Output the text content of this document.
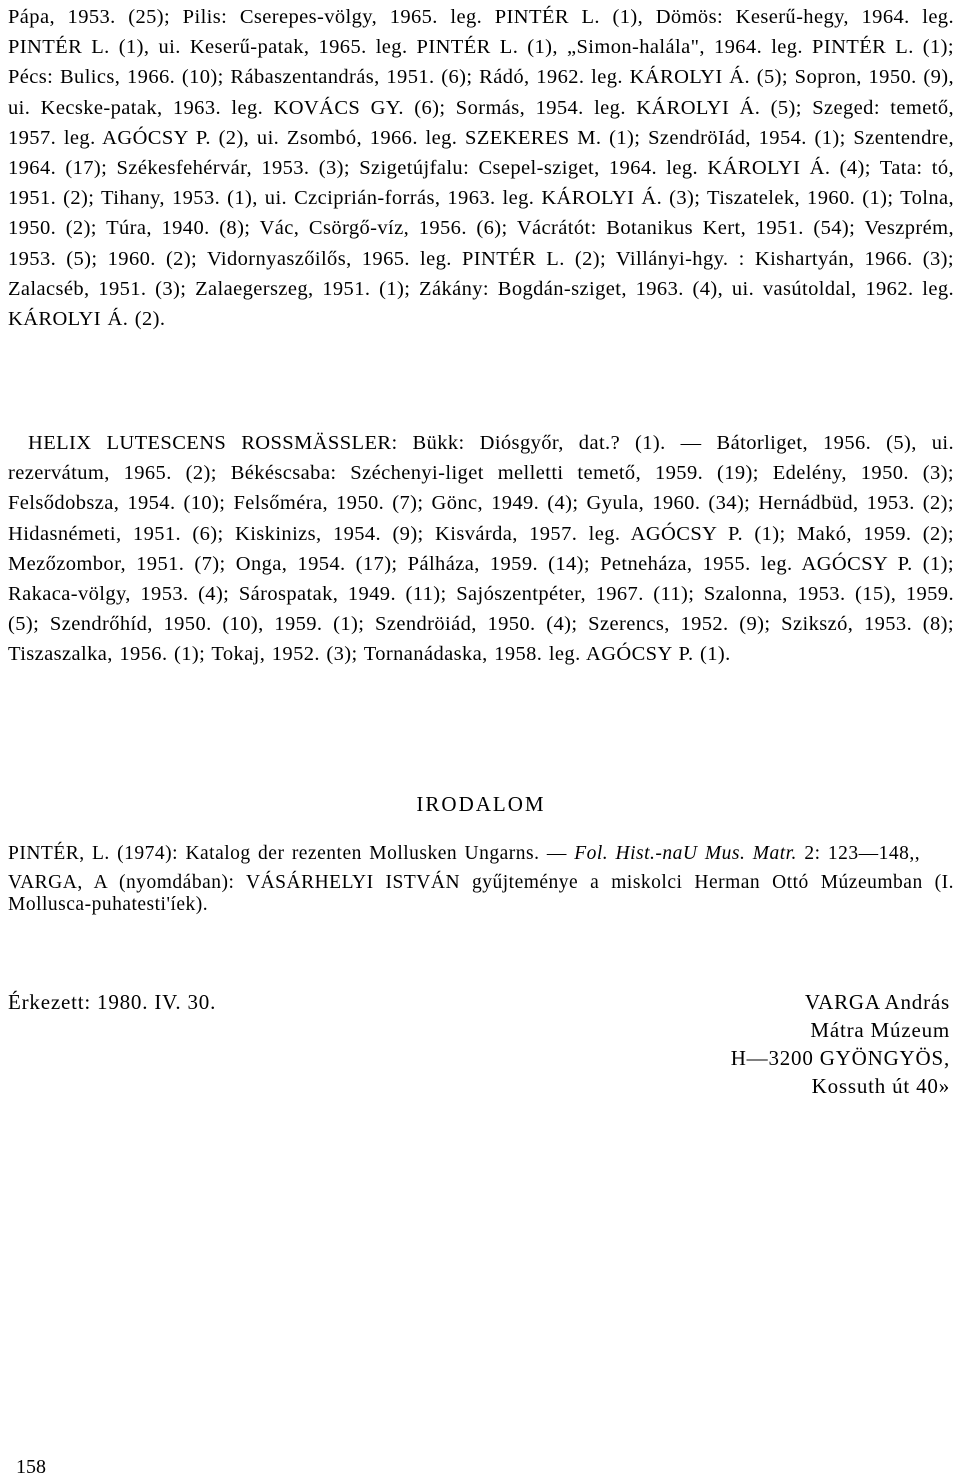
Pápa, 1953. (25); Pilis: Cserepes-völgy, 1965. leg. PINTÉR L. (1), Dömös: Keserű-hegy, 1964. leg. PINTÉR L. (1), ui. Keserű-patak, 1965. leg. PINTÉR L. (1), „Simon-halála", 1964. leg. PINTÉR L. (1); Pécs: Bulics, 1966. (10); Rábaszentandrás, 1951. (6); Rádó, 1962. leg. KÁROLYI Á. (5); Sopron, 1950. (9), ui. Kecske-patak, 1963. leg. KOVÁCS GY. (6); Sormás, 1954. leg. KÁROLYI Á. (5); Szeged: temető, 1957. leg. AGÓCSY P. (2), ui. Zsombó, 1966. leg. SZEKERES M. (1); SzendröIád, 1954. (1); Szentendre, 1964. (17); Székesfehérvár, 1953. (3); Szigetújfalu: Csepel-sziget, 1964. leg. KÁROLYI Á. (4); Tata: tó, 1951. (2); Tihany, 1953. (1), ui. Czciprián-forrás, 1963. leg. KÁROLYI Á. (3); Tiszatelek, 1960. (1); Tolna, 1950. (2); Túra, 1940. (8); Vác, Csörgő-víz, 1956. (6); Vácrátót: Botanikus Kert, 1951. (54); Veszprém, 1953. (5); 1960. (2); Vidornyaszőilős, 1965. leg. PINTÉR L. (2); Villányi-hgy. : Kishartyán, 1966. (3); Zalacséb, 1951. (3); Zalaegerszeg, 1951. (1); Zákány: Bogdán-sziget, 1963. (4), ui. vasútoldal, 1962. leg. KÁROLYI Á. (2).

HELIX LUTESCENS ROSSMÄSSLER: Bükk: Diósgyőr, dat.? (1). — Bátorliget, 1956. (5), ui. rezervátum, 1965. (2); Békéscsaba: Széchenyi-liget melletti temető, 1959. (19); Edelény, 1950. (3); Felsődobsza, 1954. (10); Felsőméra, 1950. (7); Gönc, 1949. (4); Gyula, 1960. (34); Hernádbüd, 1953. (2); Hidasnémeti, 1951. (6); Kiskinizs, 1954. (9); Kisvárda, 1957. leg. AGÓCSY P. (1); Makó, 1959. (2); Mezőzombor, 1951. (7); Onga, 1954. (17); Pálháza, 1959. (14); Petneháza, 1955. leg. AGÓCSY P. (1); Rakaca-völgy, 1953. (4); Sárospatak, 1949. (11); Sajószentpéter, 1967. (11); Szalonna, 1953. (15), 1959. (5); Szendrőhíd, 1950. (10), 1959. (1); Szendröiád, 1950. (4); Szerencs, 1952. (9); Szikszó, 1953. (8); Tiszaszalka, 1956. (1); Tokaj, 1952. (3); Tornanádaska, 1958. leg. AGÓCSY P. (1).

IRODALOM

PINTÉR, L. (1974): Katalog der rezenten Mollusken Ungarns. — Fol. Hist.-naU Mus. Matr. 2: 123—148,,

VARGA, A (nyomdában): VÁSÁRHELYI ISTVÁN gyűjteménye a miskolci Herman Ottó Múzeumban (I. Mollusca-puhatesti'íek).

Érkezett: 1980. IV. 30.	VARGA András
Mátra Múzeum
H—3200 GYÖNGYÖS,
Kossuth út 40»
158
